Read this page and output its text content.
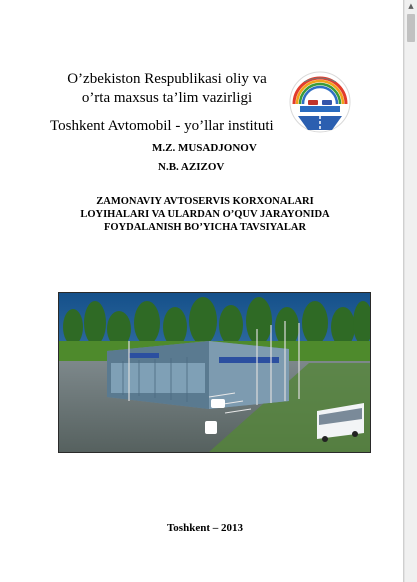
O’zbekiston Respublikasi oliy va
o’rta maxsus ta’lim vazirligi
Toshkent Avtomobil - yo’llar instituti
M.Z. MUSADJONOV
N.B. AZIZOV
ZAMONAVIY AVTOSERVIS KORXONALARI
LOYIHALARI VA ULARDAN O’QUV JARAYONIDA
FOYDALANISH BO’YICHA TAVSIYALAR
Toshkent – 2013
▲
